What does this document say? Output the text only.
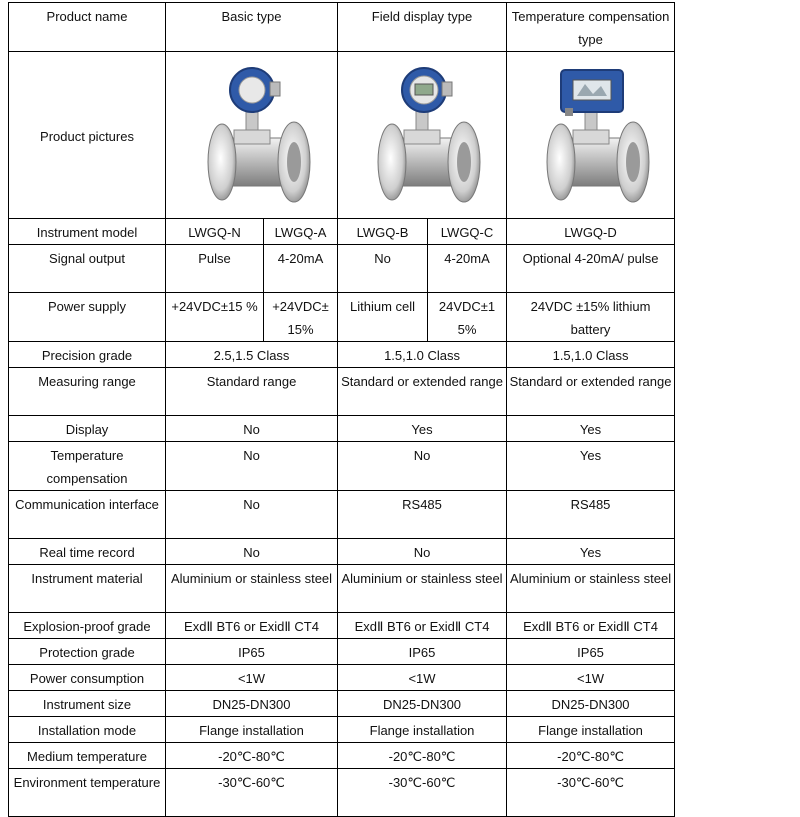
Product name	Basic type		Field display type		Temperature compensation type
Product pictures	

Instrument model	LWGQ-N	LWGQ-A	LWGQ-B	LWGQ-C	LWGQ-D
Signal output	Pulse	4-20mA	No	4-20mA	Optional 4-20mA/ pulse
Power supply	+24VDC±15 %	+24VDC± 15%	Lithium cell	24VDC±1 5%	24VDC ±15% lithium battery
Precision grade	2.5,1.5 Class		1.5,1.0 Class		1.5,1.0 Class
Measuring range	Standard range		Standard or extended range		Standard or extended range
Display	No		Yes		Yes
Temperature compensation	No		No		Yes
Communication interface	No		RS485		RS485
Real time record	No		No		Yes
Instrument material	Aluminium or stainless steel		Aluminium or stainless steel		Aluminium or stainless steel
Explosion-proof grade	ExdⅡ BT6 or ExidⅡ CT4		ExdⅡ BT6 or ExidⅡ CT4		ExdⅡ BT6 or ExidⅡ CT4
Protection grade	IP65		IP65		IP65
Power consumption	<1W		<1W		<1W
Instrument size	DN25-DN300		DN25-DN300		DN25-DN300
Installation mode	Flange installation		Flange installation		Flange installation
Medium temperature	-20℃-80℃		-20℃-80℃		-20℃-80℃
Environment temperature	-30℃-60℃		-30℃-60℃		-30℃-60℃
